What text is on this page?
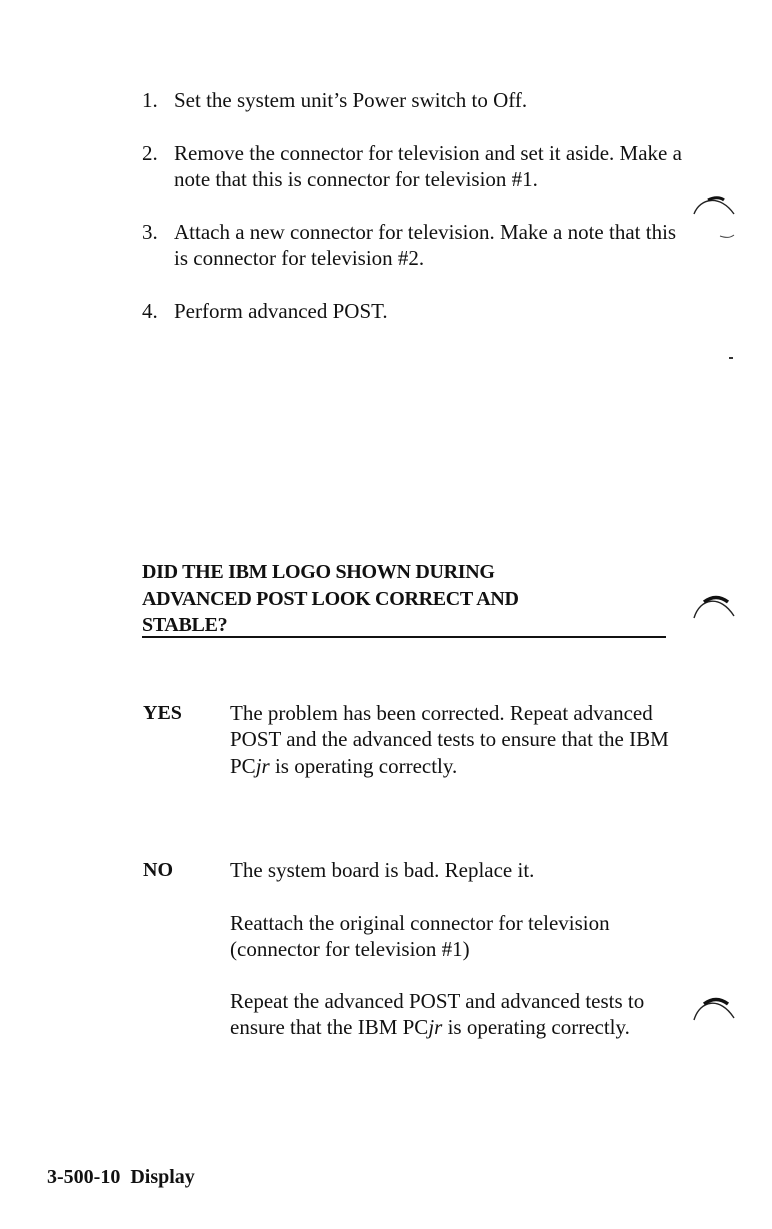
1. Set the system unit’s Power switch to Off.
2. Remove the connector for television and set it aside. Make a note that this is connector for television #1.
3. Attach a new connector for television. Make a note that this is connector for television #2.
4. Perform advanced POST.
DID THE IBM LOGO SHOWN DURING
ADVANCED POST LOOK CORRECT AND
STABLE?
YES The problem has been corrected. Repeat advanced POST and the advanced tests to ensure that the IBM PCjr is operating correctly.
NO	The system board is bad. Replace it.
Reattach the original connector for television (connector for television #1)
Repeat the advanced POST and advanced tests to ensure that the IBM PCjr is operating correctly.
3-500-10 Display
